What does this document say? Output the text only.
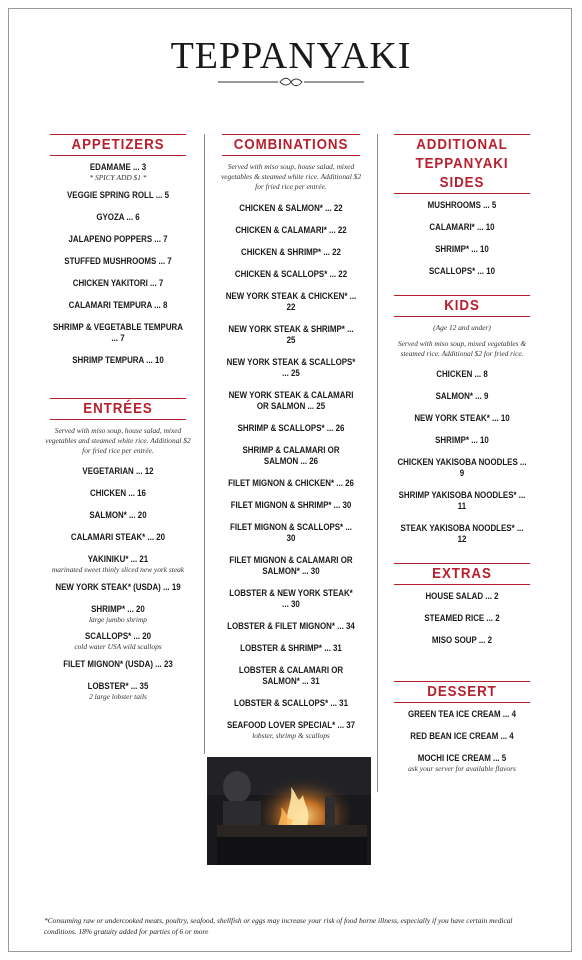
TEPPANYAKI
APPETIZERS
EDAMAME ... 3
* SPICY ADD $1 *
VEGGIE SPRING ROLL ... 5
GYOZA ... 6
JALAPENO POPPERS ... 7
STUFFED MUSHROOMS ... 7
CHICKEN YAKITORI ... 7
CALAMARI TEMPURA ... 8
SHRIMP & VEGETABLE TEMPURA ... 7
SHRIMP TEMPURA ... 10
ENTRÉES
Served with miso soup, house salad, mixed vegetables and steamed white rice. Additional $2 for fried rice per entrée.
VEGETARIAN ... 12
CHICKEN ... 16
SALMON* ... 20
CALAMARI STEAK* ... 20
YAKINIKU* ... 21
marinated sweet thinly sliced new york steak
NEW YORK STEAK* (USDA) ... 19
SHRIMP* ... 20
large jumbo shrimp
SCALLOPS* ... 20
cold water USA wild scallops
FILET MIGNON* (USDA) ... 23
LOBSTER* ... 35
2 large lobster tails
COMBINATIONS
Served with miso soup, house salad, mixed vegetables & steamed white rice. Additional $2 for fried rice per entrée.
CHICKEN & SALMON* ... 22
CHICKEN & CALAMARI* ... 22
CHICKEN & SHRIMP* ... 22
CHICKEN & SCALLOPS* ... 22
NEW YORK STEAK & CHICKEN* ... 22
NEW YORK STEAK & SHRIMP* ... 25
NEW YORK STEAK & SCALLOPS* ... 25
NEW YORK STEAK & CALAMARI OR SALMON ... 25
SHRIMP & SCALLOPS* ... 26
SHRIMP & CALAMARI OR SALMON ... 26
FILET MIGNON & CHICKEN* ... 26
FILET MIGNON & SHRIMP* ... 30
FILET MIGNON & SCALLOPS* ... 30
FILET MIGNON & CALAMARI OR SALMON* ... 30
LOBSTER & NEW YORK STEAK* ... 30
LOBSTER & FILET MIGNON* ... 34
LOBSTER & SHRIMP* ... 31
LOBSTER & CALAMARI OR SALMON* ... 31
LOBSTER & SCALLOPS* ... 31
SEAFOOD LOVER SPECIAL* ... 37
lobster, shrimp & scallops
ADDITIONAL
TEPPANYAKI SIDES
MUSHROOMS ... 5
CALAMARI* ... 10
SHRIMP* ... 10
SCALLOPS* ... 10
KIDS
(Age 12 and under)
Served with miso soup, mixed vegetables & steamed rice. Additional $2 for fried rice.
CHICKEN ... 8
SALMON* ... 9
NEW YORK STEAK* ... 10
SHRIMP* ... 10
CHICKEN YAKISOBA NOODLES ... 9
SHRIMP YAKISOBA NOODLES* ... 11
STEAK YAKISOBA NOODLES* ... 12
EXTRAS
HOUSE SALAD ... 2
STEAMED RICE ... 2
MISO SOUP ... 2
DESSERT
GREEN TEA ICE CREAM ... 4
RED BEAN ICE CREAM ... 4
MOCHI ICE CREAM ... 5
ask your server for available flavors
*Consuming raw or undercooked meats, poultry, seafood, shellfish or eggs may increase your risk of food borne illness, especially if you have certain medical conditions. 18% gratuity added for parties of 6 or more
